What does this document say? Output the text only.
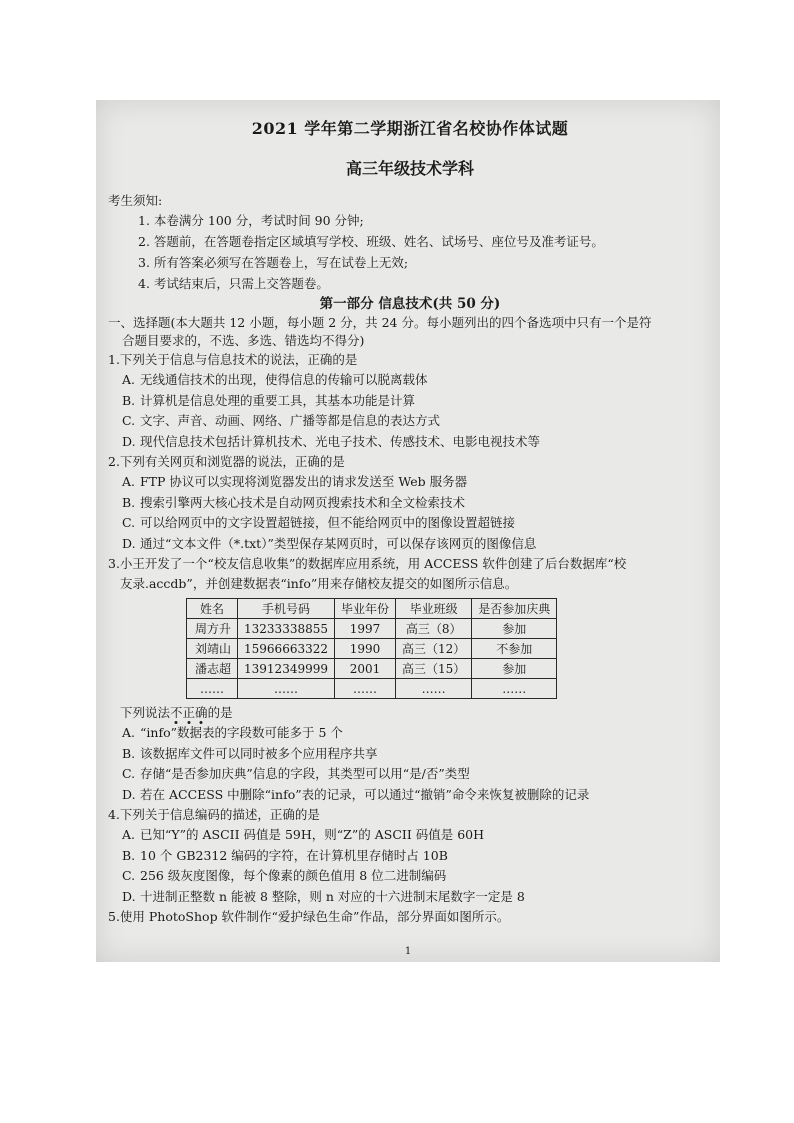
2021 学年第二学期浙江省名校协作体试题
高三年级技术学科
考生须知:
1. 本卷满分 100 分，考试时间 90 分钟;
2. 答题前，在答题卷指定区域填写学校、班级、姓名、试场号、座位号及准考证号。
3. 所有答案必须写在答题卷上，写在试卷上无效;
4. 考试结束后，只需上交答题卷。
第一部分 信息技术(共 50 分)
一、选择题(本大题共 12 小题，每小题 2 分，共 24 分。每小题列出的四个备选项中只有一个是符
合题目要求的，不选、多选、错选均不得分)
1.下列关于信息与信息技术的说法，正确的是
A. 无线通信技术的出现，使得信息的传输可以脱离载体
B. 计算机是信息处理的重要工具，其基本功能是计算
C. 文字、声音、动画、网络、广播等都是信息的表达方式
D. 现代信息技术包括计算机技术、光电子技术、传感技术、电影电视技术等
2.下列有关网页和浏览器的说法，正确的是
A. FTP 协议可以实现将浏览器发出的请求发送至 Web 服务器
B. 搜索引擎两大核心技术是自动网页搜索技术和全文检索技术
C. 可以给网页中的文字设置超链接，但不能给网页中的图像设置超链接
D. 通过“文本文件（*.txt）”类型保存某网页时，可以保存该网页的图像信息
3.小王开发了一个“校友信息收集”的数据库应用系统，用 ACCESS 软件创建了后台数据库“校
友录.accdb”，并创建数据表“info”用来存储校友提交的如图所示信息。
姓名	手机号码	毕业年份	毕业班级	是否参加庆典
周方升	13233338855	1997	高三（8）	参加
刘靖山	15966663322	1990	高三（12）	不参加
潘志超	13912349999	2001	高三（15）	参加
……	……	……	……	……
下列说法不正确的是
A. “info”数据表的字段数可能多于 5 个
B. 该数据库文件可以同时被多个应用程序共享
C. 存储“是否参加庆典”信息的字段，其类型可以用“是/否”类型
D. 若在 ACCESS 中删除“info”表的记录，可以通过“撤销”命令来恢复被删除的记录
4.下列关于信息编码的描述，正确的是
A. 已知“Y”的 ASCII 码值是 59H，则“Z”的 ASCII 码值是 60H
B. 10 个 GB2312 编码的字符，在计算机里存储时占 10B
C. 256 级灰度图像，每个像素的颜色值用 8 位二进制编码
D. 十进制正整数 n 能被 8 整除，则 n 对应的十六进制末尾数字一定是 8
5.使用 PhotoShop 软件制作“爱护绿色生命”作品，部分界面如图所示。
1
